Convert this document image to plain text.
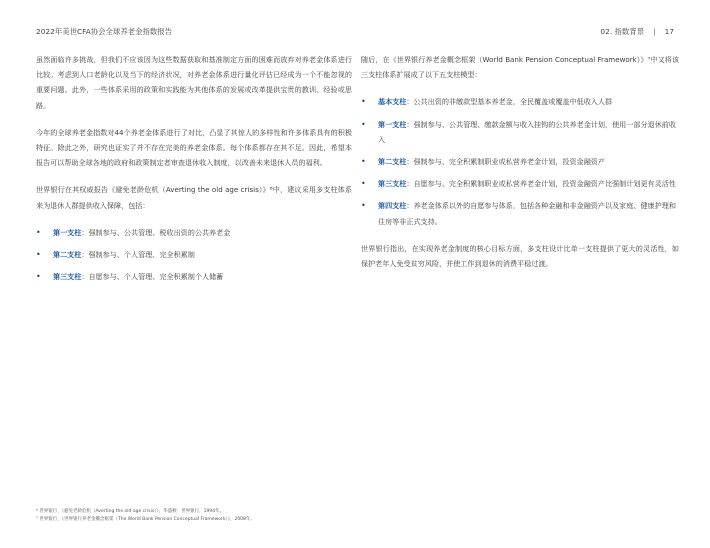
2022年美世CFA协会全球养老金指数报告	02. 指数背景 | 17

虽然面临许多挑战，但我们不应该因为这些数据获取和基准制定方面的困难而放弃对养老金体系进行比较。考虑到人口老龄化以及当下的经济状况，对养老金体系进行量化评估已经成为一个不能忽视的重要问题。此外，一些体系采用的政策和实践能为其他体系的发展或改革提供宝贵的教训、经验或思路。

今年的全球养老金指数对44个养老金体系进行了对比，凸显了其惊人的多样性和许多体系具有的积极特征。除此之外，研究也证实了并不存在完美的养老金体系。每个体系都存在其不足。因此，希望本报告可以帮助全球各地的政府和政策制定者审查退休收入制度，以改善未来退休人员的福利。

世界银行在其权威报告《避免老龄危机（Averting the old age crisis）》⁶中，建议采用多支柱体系来为退休人群提供收入保障，包括：

• 第一支柱：强制参与、公共管理、税收出资的公共养老金
• 第二支柱：强制参与、个人管理、完全积累制
• 第三支柱：自愿参与、个人管理、完全积累制个人储蓄

随后，在《世界银行养老金概念框架（World Bank Pension Conceptual Framework）》⁷中又将该三支柱体系扩展成了以下五支柱模型：

• 基本支柱：公共出资的非缴款型基本养老金，全民覆盖或覆盖中低收入人群
• 第一支柱：强制参与、公共管理、缴款金额与收入挂钩的公共养老金计划，使用一部分退休前收入
• 第二支柱：强制参与、完全积累制职业或私营养老金计划，投资金融资产
• 第三支柱：自愿参与、完全积累制职业或私营养老金计划，投资金融资产比强制计划更有灵活性
• 第四支柱：养老金体系以外的自愿参与体系，包括各种金融和非金融资产以及家庭、健康护理和住房等非正式支持。

世界银行指出，在实现养老金制度的核心目标方面，多支柱设计比单一支柱提供了更大的灵活性，如保护老年人免受贫穷风险，并使工作到退休的消费平稳过渡。

⁶ 世界银行，《避免老龄危机（Averting the old age crisis）》，华盛顿：世界银行，1994年。
⁷ 世界银行，《世界银行养老金概念框架（The World Bank Pension Conceptual Framework）》，2008年。
